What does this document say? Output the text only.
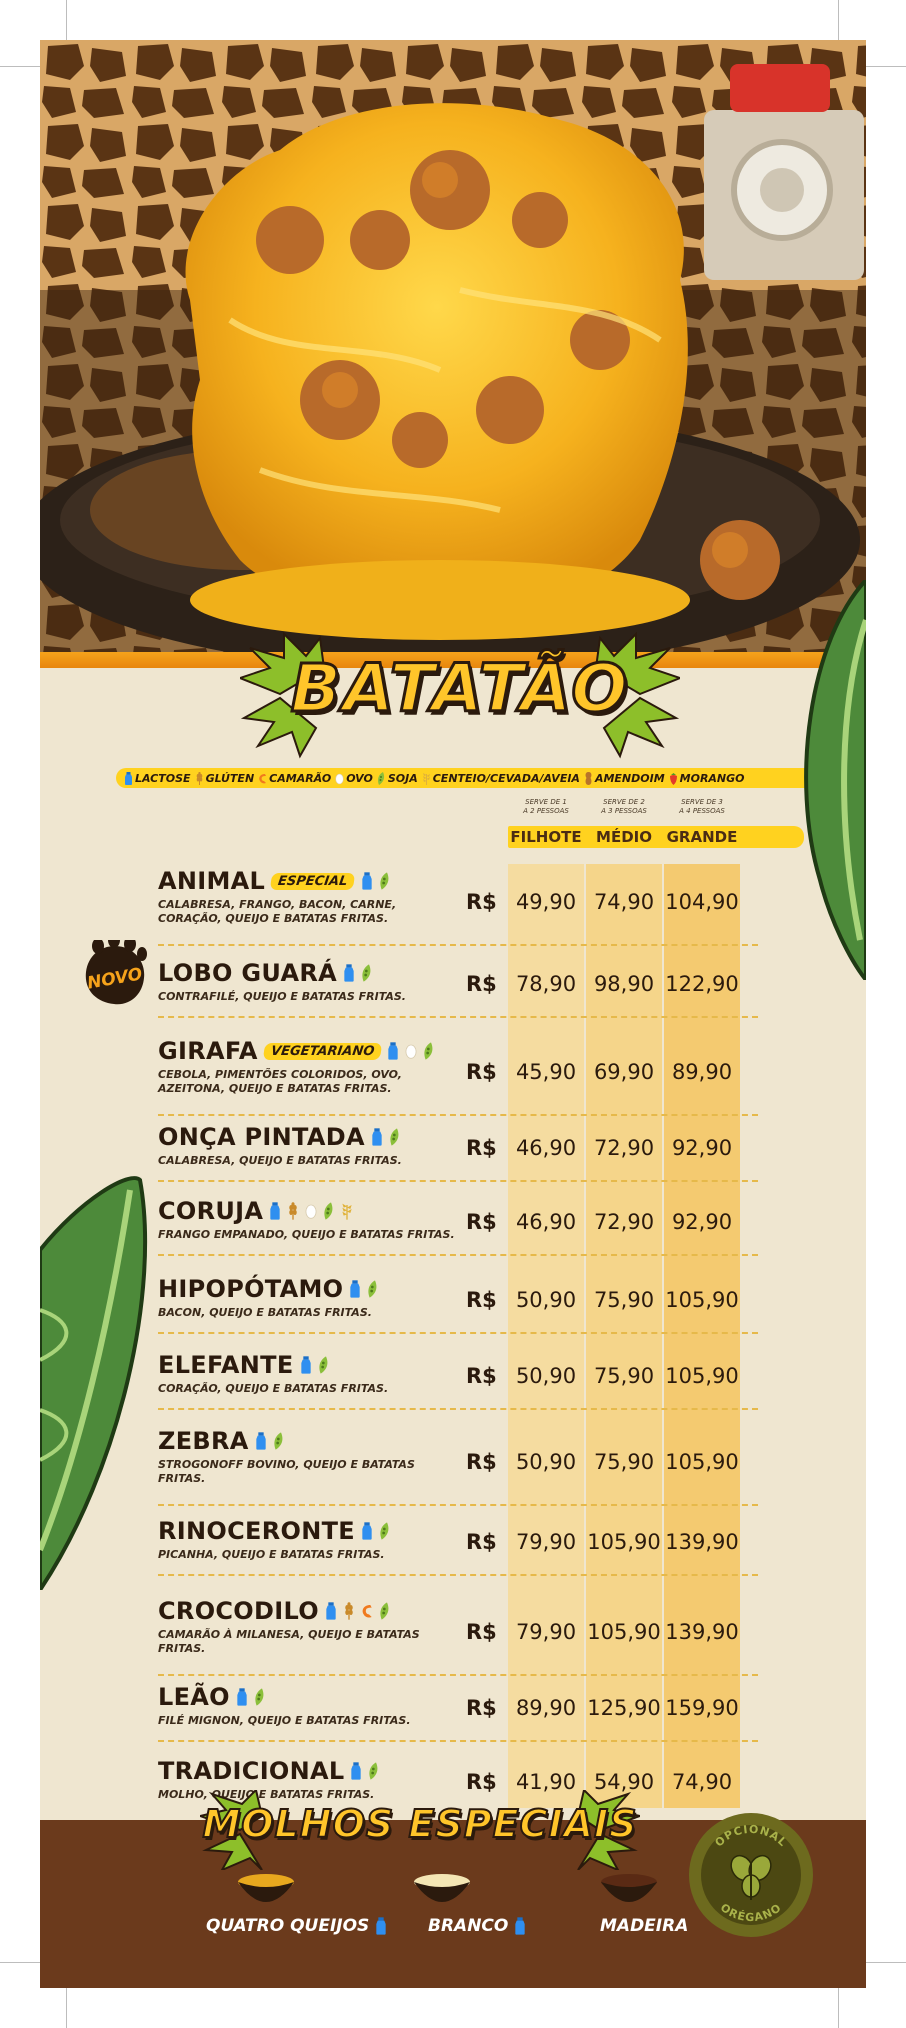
BATATÃO
LACTOSE GLÚTEN CAMARÃO OVO SOJA CENTEIO/CEVADA/AVEIA AMENDOIM MORANGO
SERVE DE 1
A 2 PESSOAS
SERVE DE 2
A 3 PESSOAS
SERVE DE 3
A 4 PESSOAS
FILHOTE MÉDIO GRANDE
NOVO
ANIMAL ESPECIAL
CALABRESA, FRANGO, BACON, CARNE, CORAÇÃO, QUEIJO E BATATAS FRITAS.
R$ 49,90 74,90 104,90
LOBO GUARÁ
CONTRAFILÉ, QUEIJO E BATATAS FRITAS.
R$ 78,90 98,90 122,90
GIRAFA VEGETARIANO
CEBOLA, PIMENTÕES COLORIDOS, OVO, AZEITONA, QUEIJO E BATATAS FRITAS.
R$ 45,90 69,90 89,90
ONÇA PINTADA
CALABRESA, QUEIJO E BATATAS FRITAS.
R$ 46,90 72,90 92,90
CORUJA
FRANGO EMPANADO, QUEIJO E BATATAS FRITAS.
R$ 46,90 72,90 92,90
HIPOPÓTAMO
BACON, QUEIJO E BATATAS FRITAS.
R$ 50,90 75,90 105,90
ELEFANTE
CORAÇÃO, QUEIJO E BATATAS FRITAS.
R$ 50,90 75,90 105,90
ZEBRA
STROGONOFF BOVINO, QUEIJO E BATATAS FRITAS.
R$ 50,90 75,90 105,90
RINOCERONTE
PICANHA, QUEIJO E BATATAS FRITAS.
R$ 79,90 105,90 139,90
CROCODILO
CAMARÃO À MILANESA, QUEIJO E BATATAS FRITAS.
R$ 79,90 105,90 139,90
LEÃO
FILÉ MIGNON, QUEIJO E BATATAS FRITAS.
R$ 89,90 125,90 159,90
TRADICIONAL
MOLHO, QUEIJO E BATATAS FRITAS.
R$ 41,90 54,90 74,90
MOLHOS ESPECIAIS
QUATRO QUEIJOS	BRANCO	MADEIRA
OPCIONAL
ORÉGANO
